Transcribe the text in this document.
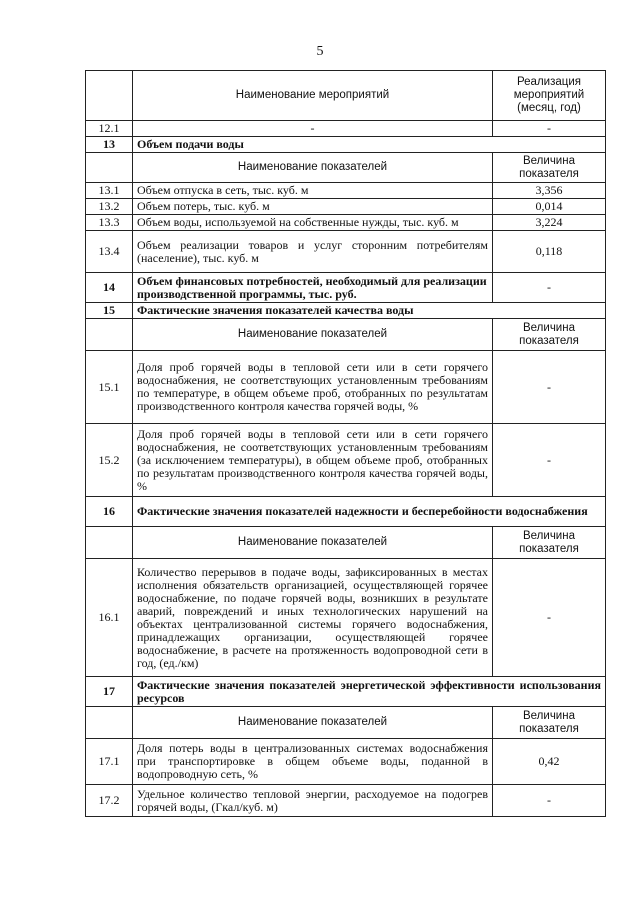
5
	Наименование мероприятий	Реализация мероприятий (месяц, год)
12.1	-	-
13	Объем подачи воды	
	Наименование показателей	Величина показателя
13.1	Объем отпуска в сеть, тыс. куб. м	3,356
13.2	Объем потерь, тыс. куб. м	0,014
13.3	Объем воды, используемой на собственные нужды, тыс. куб. м	3,224
13.4	Объем реализации товаров и услуг сторонним потребителям (население), тыс. куб. м	0,118
14	Объем финансовых потребностей, необходимый для реализации производственной программы, тыс. руб.	-
15	Фактические значения показателей качества воды	
	Наименование показателей	Величина показателя
15.1	Доля проб горячей воды в тепловой сети или в сети горячего водоснабжения, не соответствующих установленным требованиям по температуре, в общем объеме проб, отобранных по результатам производственного контроля качества горячей воды, %	-
15.2	Доля проб горячей воды в тепловой сети или в сети горячего водоснабжения, не соответствующих установленным требованиям (за исключением температуры), в общем объеме проб, отобранных по результатам производственного контроля качества горячей воды, %	-
16	Фактические значения показателей надежности и бесперебойности водоснабжения	
	Наименование показателей	Величина показателя
16.1	Количество перерывов в подаче воды, зафиксированных в местах исполнения обязательств организацией, осуществляющей горячее водоснабжение, по подаче горячей воды, возникших в результате аварий, повреждений и иных технологических нарушений на объектах централизованной системы горячего водоснабжения, принадлежащих организации, осуществляющей горячее водоснабжение, в расчете на протяженность водопроводной сети в год, (ед./км)	-
17	Фактические значения показателей энергетической эффективности использования ресурсов	
	Наименование показателей	Величина показателя
17.1	Доля потерь воды в централизованных системах водоснабжения при транспортировке в общем объеме воды, поданной в водопроводную сеть, %	0,42
17.2	Удельное количество тепловой энергии, расходуемое на подогрев горячей воды, (Гкал/куб. м)	-
